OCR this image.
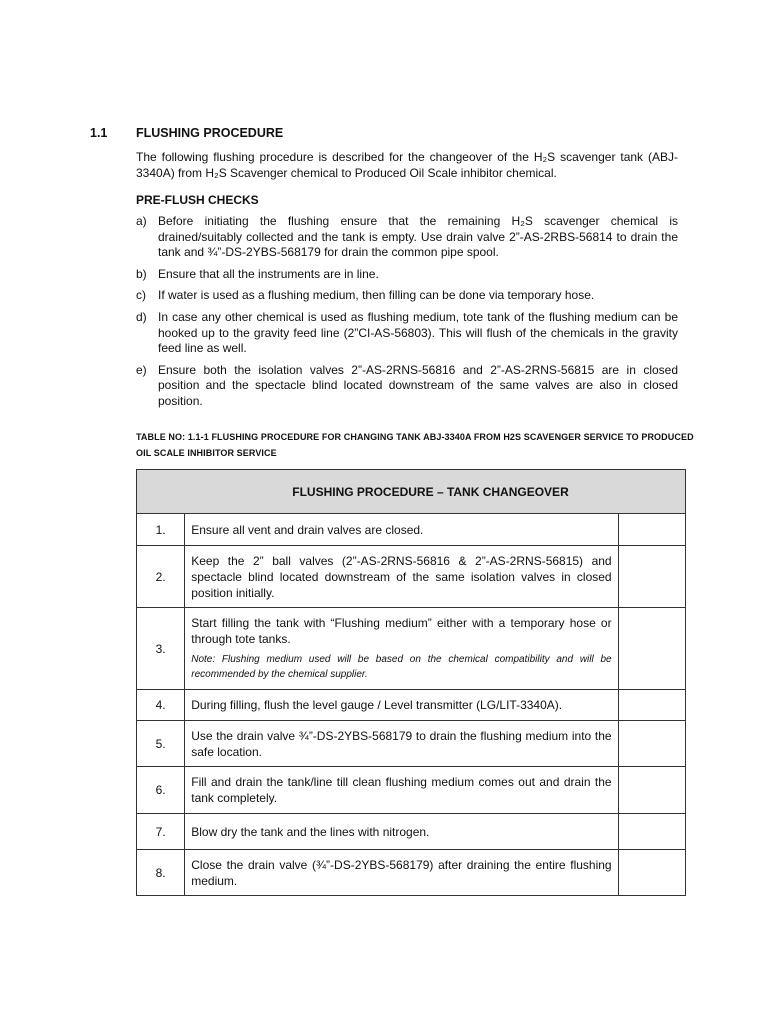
1.1 FLUSHING PROCEDURE
The following flushing procedure is described for the changeover of the H₂S scavenger tank (ABJ-3340A) from H₂S Scavenger chemical to Produced Oil Scale inhibitor chemical.
PRE-FLUSH CHECKS
a) Before initiating the flushing ensure that the remaining H₂S scavenger chemical is drained/suitably collected and the tank is empty. Use drain valve 2”-AS-2RBS-56814 to drain the tank and ¾”-DS-2YBS-568179 for drain the common pipe spool.
b) Ensure that all the instruments are in line.
c) If water is used as a flushing medium, then filling can be done via temporary hose.
d) In case any other chemical is used as flushing medium, tote tank of the flushing medium can be hooked up to the gravity feed line (2”CI-AS-56803). This will flush of the chemicals in the gravity feed line as well.
e) Ensure both the isolation valves 2”-AS-2RNS-56816 and 2”-AS-2RNS-56815 are in closed position and the spectacle blind located downstream of the same valves are also in closed position.
TABLE NO: 1.1-1 FLUSHING PROCEDURE FOR CHANGING TANK ABJ-3340A FROM H2S SCAVENGER SERVICE TO PRODUCED OIL SCALE INHIBITOR SERVICE
FLUSHING PROCEDURE – TANK CHANGEOVER		
1.	Ensure all vent and drain valves are closed.	
2.	Keep the 2” ball valves (2”-AS-2RNS-56816 & 2”-AS-2RNS-56815) and spectacle blind located downstream of the same isolation valves in closed position initially.	
3.	Start filling the tank with “Flushing medium” either with a temporary hose or through tote tanks.
Note: Flushing medium used will be based on the chemical compatibility and will be recommended by the chemical supplier.	

4.	During filling, flush the level gauge / Level transmitter (LG/LIT-3340A).	
5.	Use the drain valve ¾”-DS-2YBS-568179 to drain the flushing medium into the safe location.	
6.	Fill and drain the tank/line till clean flushing medium comes out and drain the tank completely.	
7.	Blow dry the tank and the lines with nitrogen.	
8.	Close the drain valve (¾”-DS-2YBS-568179) after draining the entire flushing medium.	
